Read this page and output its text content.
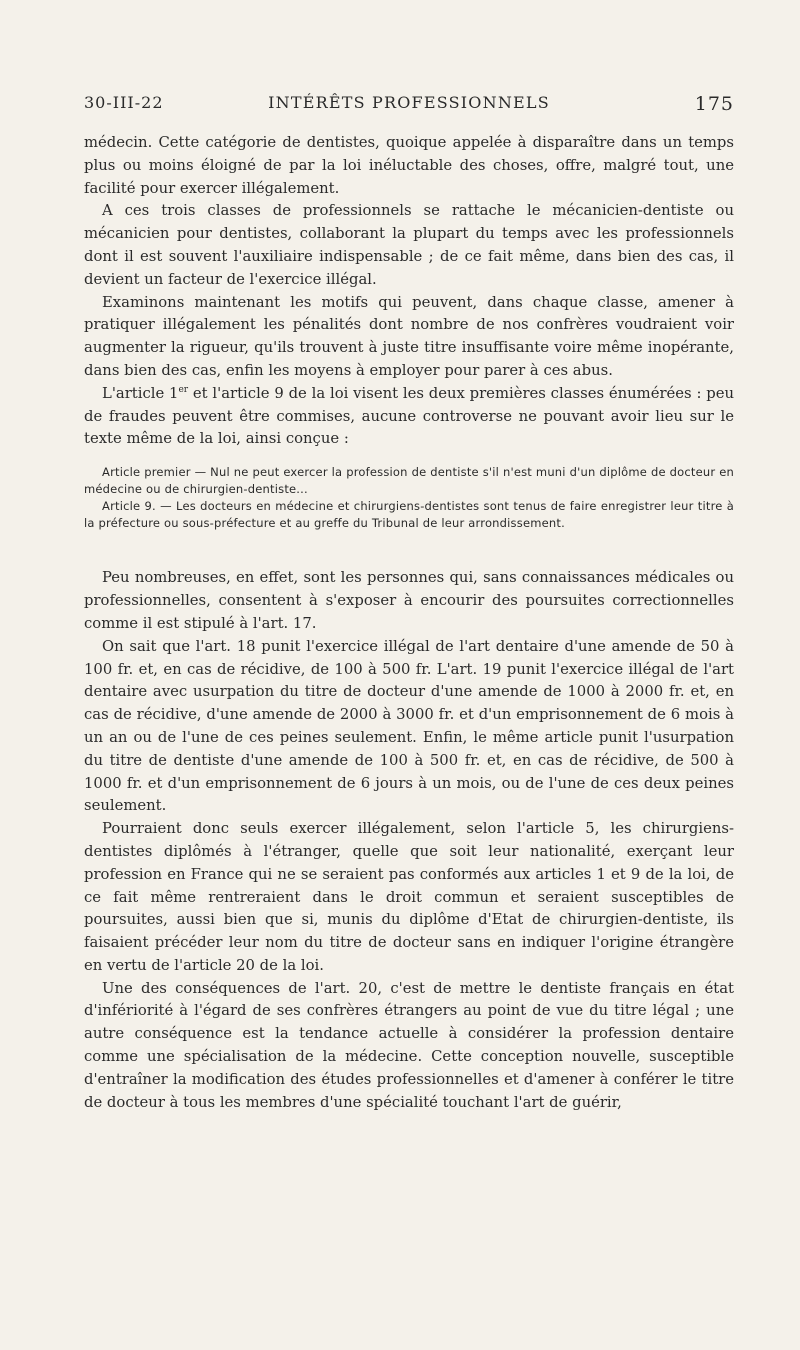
30-III-22	INTÉRÊTS PROFESSIONNELS	175

médecin. Cette catégorie de dentistes, quoique appelée à disparaître dans un temps plus ou moins éloigné de par la loi inéluctable des choses, offre, malgré tout, une facilité pour exercer illégalement.

A ces trois classes de professionnels se rattache le mécanicien-dentiste ou mécanicien pour dentistes, collaborant la plupart du temps avec les professionnels dont il est souvent l'auxiliaire indispensable ; de ce fait même, dans bien des cas, il devient un facteur de l'exercice illégal.

Examinons maintenant les motifs qui peuvent, dans chaque classe, amener à pratiquer illégalement les pénalités dont nombre de nos confrères voudraient voir augmenter la rigueur, qu'ils trouvent à juste titre insuffisante voire même inopérante, dans bien des cas, enfin les moyens à employer pour parer à ces abus.

L'article 1er et l'article 9 de la loi visent les deux premières classes énumérées : peu de fraudes peuvent être commises, aucune controverse ne pouvant avoir lieu sur le texte même de la loi, ainsi conçue :

Article premier — Nul ne peut exercer la profession de dentiste s'il n'est muni d'un diplôme de docteur en médecine ou de chirurgien-dentiste...

Article 9. — Les docteurs en médecine et chirurgiens-dentistes sont tenus de faire enregistrer leur titre à la préfecture ou sous-préfecture et au greffe du Tribunal de leur arrondissement.

Peu nombreuses, en effet, sont les personnes qui, sans connaissances médicales ou professionnelles, consentent à s'exposer à encourir des poursuites correctionnelles comme il est stipulé à l'art. 17.

On sait que l'art. 18 punit l'exercice illégal de l'art dentaire d'une amende de 50 à 100 fr. et, en cas de récidive, de 100 à 500 fr. L'art. 19 punit l'exercice illégal de l'art dentaire avec usurpation du titre de docteur d'une amende de 1000 à 2000 fr. et, en cas de récidive, d'une amende de 2000 à 3000 fr. et d'un emprisonnement de 6 mois à un an ou de l'une de ces peines seulement. Enfin, le même article punit l'usurpation du titre de dentiste d'une amende de 100 à 500 fr. et, en cas de récidive, de 500 à 1000 fr. et d'un emprisonnement de 6 jours à un mois, ou de l'une de ces deux peines seulement.

Pourraient donc seuls exercer illégalement, selon l'article 5, les chirurgiens-dentistes diplômés à l'étranger, quelle que soit leur nationalité, exerçant leur profession en France qui ne se seraient pas conformés aux articles 1 et 9 de la loi, de ce fait même rentreraient dans le droit commun et seraient susceptibles de poursuites, aussi bien que si, munis du diplôme d'Etat de chirurgien-dentiste, ils faisaient précéder leur nom du titre de docteur sans en indiquer l'origine étrangère en vertu de l'article 20 de la loi.

Une des conséquences de l'art. 20, c'est de mettre le dentiste français en état d'infériorité à l'égard de ses confrères étrangers au point de vue du titre légal ; une autre conséquence est la tendance actuelle à considérer la profession dentaire comme une spécialisation de la médecine. Cette conception nouvelle, susceptible d'entraîner la modification des études professionnelles et d'amener à conférer le titre de docteur à tous les membres d'une spécialité touchant l'art de guérir,
